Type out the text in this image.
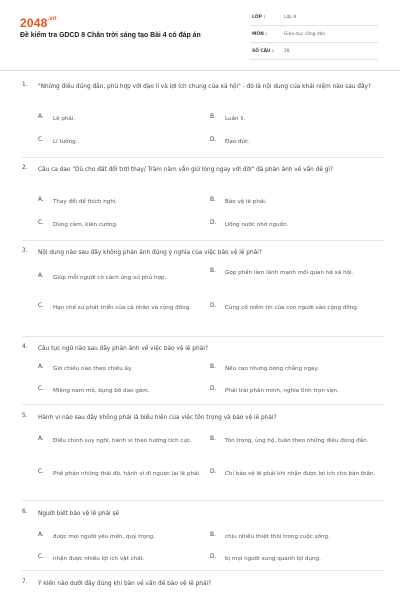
$2048^{.vn}$
Đề kiểm tra GDCD 8 Chân trời sáng tạo Bài 4 có đáp án
LỚP :	Lớp 8
MÔN :	Giáo dục công dân
SỐ CÂU : 28
1. "Những điều đúng đắn, phù hợp với đạo lí và lợi ích chung của xã hội" - đó là nội dung của khái niệm nào sau đây?
A. Lẽ phải.	B. Luân lí.
C. Lí tưởng.	D. Đạo đức.
2. Câu ca dao "Dù cho đất đổi trời thay/ Trăm năm vẫn giữ lòng ngay với đời" đã phản ánh về vấn đề gì?
A. Thay đổi để thích nghi.	B. Bảo vệ lẽ phải.
C. Dũng cảm, kiên cường.	D. Uống nước nhớ nguồn.
3. Nội dung nào sau đây không phản ánh đúng ý nghĩa của việc bảo vệ lẽ phải?
A. Giúp mỗi người có cách ứng xử phù hợp.
B. Góp phần làm lành mạnh mối quan hệ xã hội.
C. Hạn chế sự phát triển của cá nhân và cộng đồng.	D. Củng cố niềm tin của con người vào cộng đồng.
4. Câu tục ngữ nào sau đây phản ánh về việc bảo vệ lẽ phải?
A. Gió chiều nào theo chiều ấy.	B. Nếu cao nhưng bóng chẳng ngay.
C. Miệng nam mô, bụng bồ dao găm.	D. Phải trái phân minh, nghĩa tình trọn vẹn.
5. Hành vi nào sau đây không phải là biểu hiện của việc tôn trọng và bảo vệ lẽ phải?
A. Điều chỉnh suy nghĩ, hành vi theo hướng tích cực.	B. Tôn trọng, ủng hộ, tuân theo những điều đúng đắn.
C. Phê phán những thái độ, hành vi đi ngược lại lẽ phải.	D. Chỉ bảo vệ lẽ phải khi nhận được lợi ích cho bản thân.
6. Người biết bảo vệ lẽ phải sẽ
A. được mọi người yêu mến, quý trọng.	B. chịu nhiều thiệt thòi trong cuộc sống.
C. nhận được nhiều lợi ích vật chất.	D. bị mọi người xung quanh lợi dụng.
7. Ý kiến nào dưới đây đúng khi bàn về vấn đề bảo vệ lẽ phải?
